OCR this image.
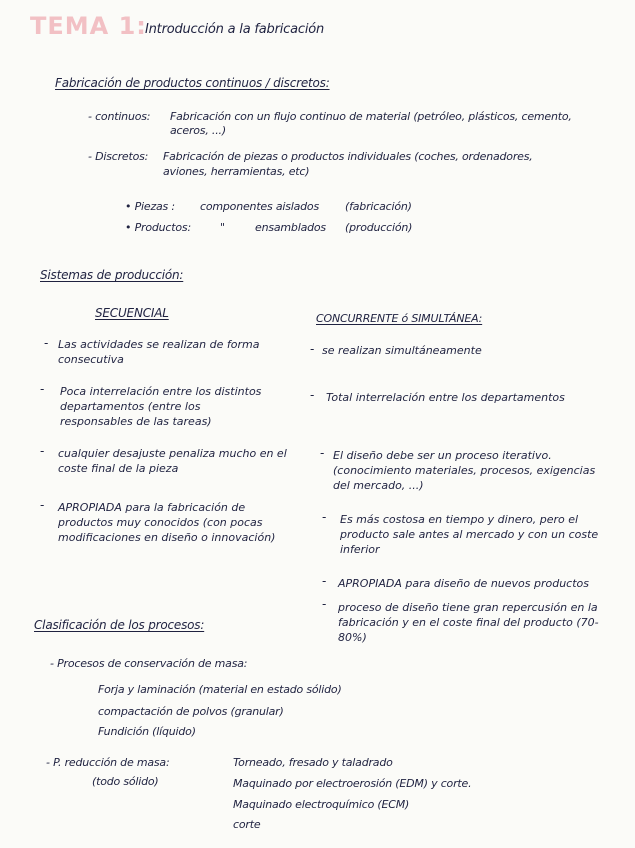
TEMA 1:
Introducción a la fabricación
Fabricación de productos continuos / discretos:
- continuos: Fabricación con un flujo continuo de material (petróleo, plásticos, cemento,
aceros, ...)
- Discretos: Fabricación de piezas o productos individuales (coches, ordenadores,
aviones, herramientas, etc)
• Piezas : componentes aislados (fabricación)
• Productos:	"	ensamblados (producción)
Sistemas de producción:
SECUENCIAL	CONCURRENTE ó SIMULTÁNEA:
- Las actividades se realizan de forma consecutiva
- Poca interrelación entre los distintos departamentos (entre los responsables de las tareas)
- cualquier desajuste penaliza mucho en el coste final de la pieza
- APROPIADA para la fabricación de productos muy conocidos (con pocas modificaciones en diseño o innovación)
- se realizan simultáneamente
- Total interrelación entre los departamentos
- El diseño debe ser un proceso iterativo. (conocimiento materiales, procesos, exigencias del mercado, ...)
- Es más costosa en tiempo y dinero, pero el producto sale antes al mercado y con un coste inferior
- APROPIADA para diseño de nuevos productos
- proceso de diseño tiene gran repercusión en la fabricación y en el coste final del producto (70-80%)
Clasificación de los procesos:
- Procesos de conservación de masa:
Forja y laminación (material en estado sólido)
compactación de polvos (granular)
Fundición (líquido)
- P. reducción de masa:
(todo sólido)
Torneado, fresado y taladrado
Maquinado por electroerosión (EDM) y corte.
Maquinado electroquímico (ECM)
corte
